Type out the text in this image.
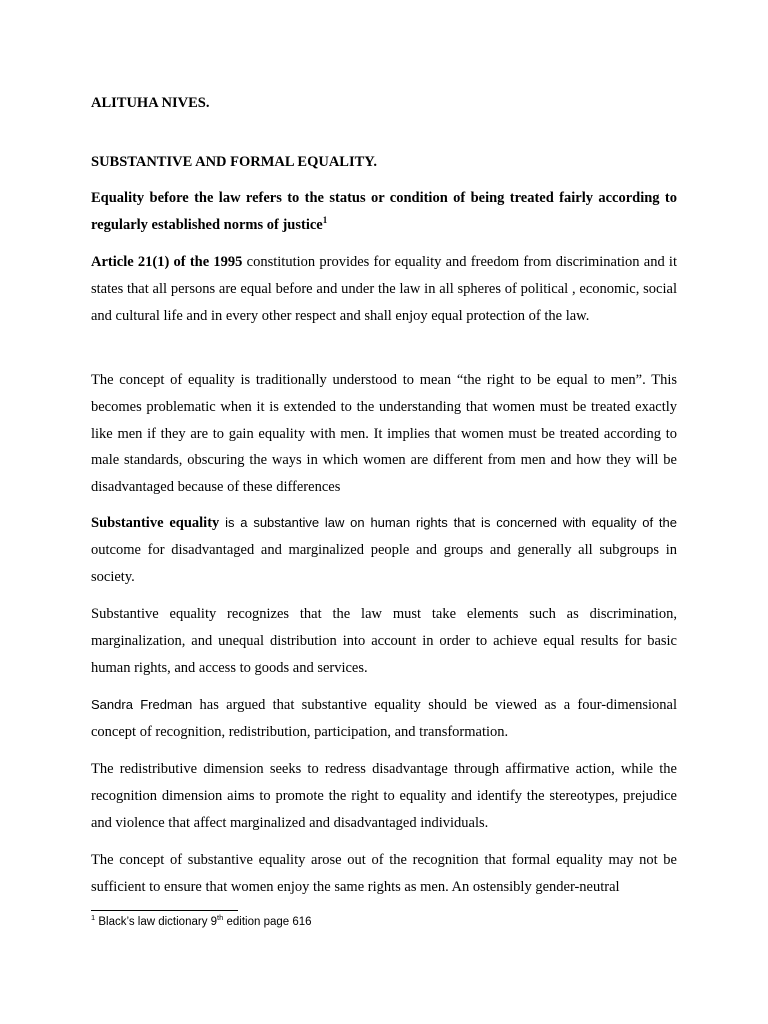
ALITUHA NIVES.

SUBSTANTIVE AND FORMAL EQUALITY.

Equality before the law refers to the status or condition of being treated fairly according to regularly established norms of justice$^1$

Article 21(1) of the 1995 constitution provides for equality and freedom from discrimination and it states that all persons are equal before and under the law in all spheres of political , economic, social and cultural life and in every other respect and shall enjoy equal protection of the law.

The concept of equality is traditionally understood to mean “the right to be equal to men”. This becomes problematic when it is extended to the understanding that women must be treated exactly like men if they are to gain equality with men. It implies that women must be treated according to male standards, obscuring the ways in which women are different from men and how they will be disadvantaged because of these differences

Substantive equality is a substantive law on human rights that is concerned with equality of the outcome for disadvantaged and marginalized people and groups and generally all subgroups in society.

Substantive equality recognizes that the law must take elements such as discrimination, marginalization, and unequal distribution into account in order to achieve equal results for basic human rights, and access to goods and services.

Sandra Fredman has argued that substantive equality should be viewed as a four-dimensional concept of recognition, redistribution, participation, and transformation.

The redistributive dimension seeks to redress disadvantage through affirmative action, while the recognition dimension aims to promote the right to equality and identify the stereotypes, prejudice and violence that affect marginalized and disadvantaged individuals.

The concept of substantive equality arose out of the recognition that formal equality may not be sufficient to ensure that women enjoy the same rights as men. An ostensibly gender-neutral

$^1$ Black’s law dictionary 9th edition page 616
